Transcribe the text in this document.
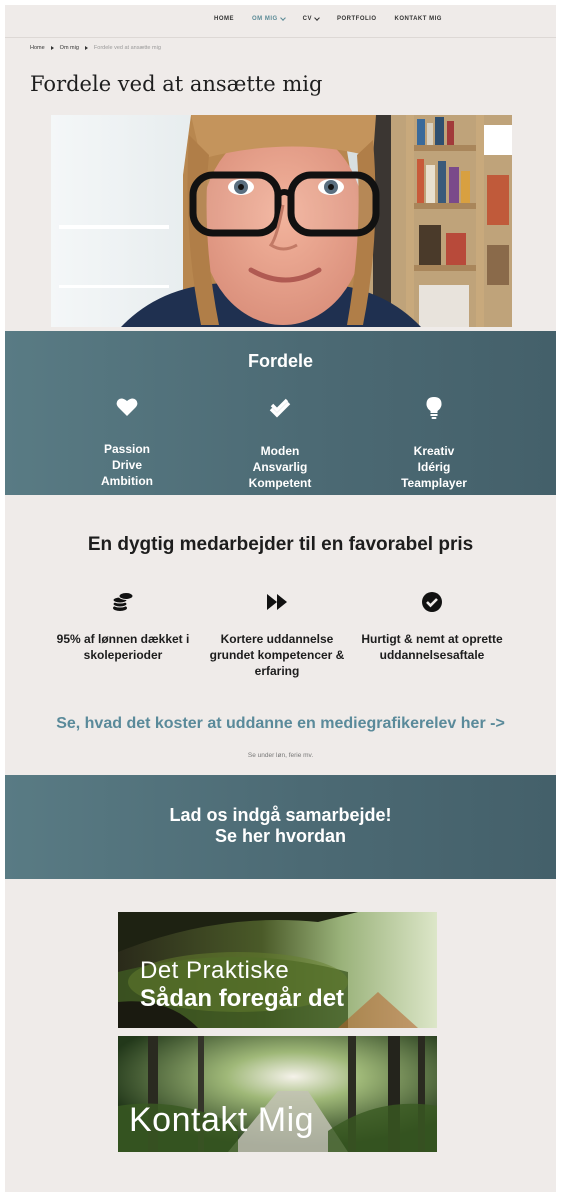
HOME	OM MIG	CV	PORTFOLIO	KONTAKT MIG
Home	Om mig	Fordele ved at ansætte mig
Fordele ved at ansætte mig
Fordele
Passion
Drive
Ambition
Moden
Ansvarlig
Kompetent
Kreativ
Idérig
Teamplayer
En dygtig medarbejder til en favorabel pris
95% af lønnen dækket i
skoleperioder
Kortere uddannelse
grundet kompetencer &
erfaring
Hurtigt & nemt at oprette
uddannelsesaftale
Se, hvad det koster at uddanne en mediegrafikerelev her ->
Se under løn, ferie mv.
Lad os indgå samarbejde!
Se her hvordan
Det Praktiske
Sådan foregår det
Kontakt Mig
